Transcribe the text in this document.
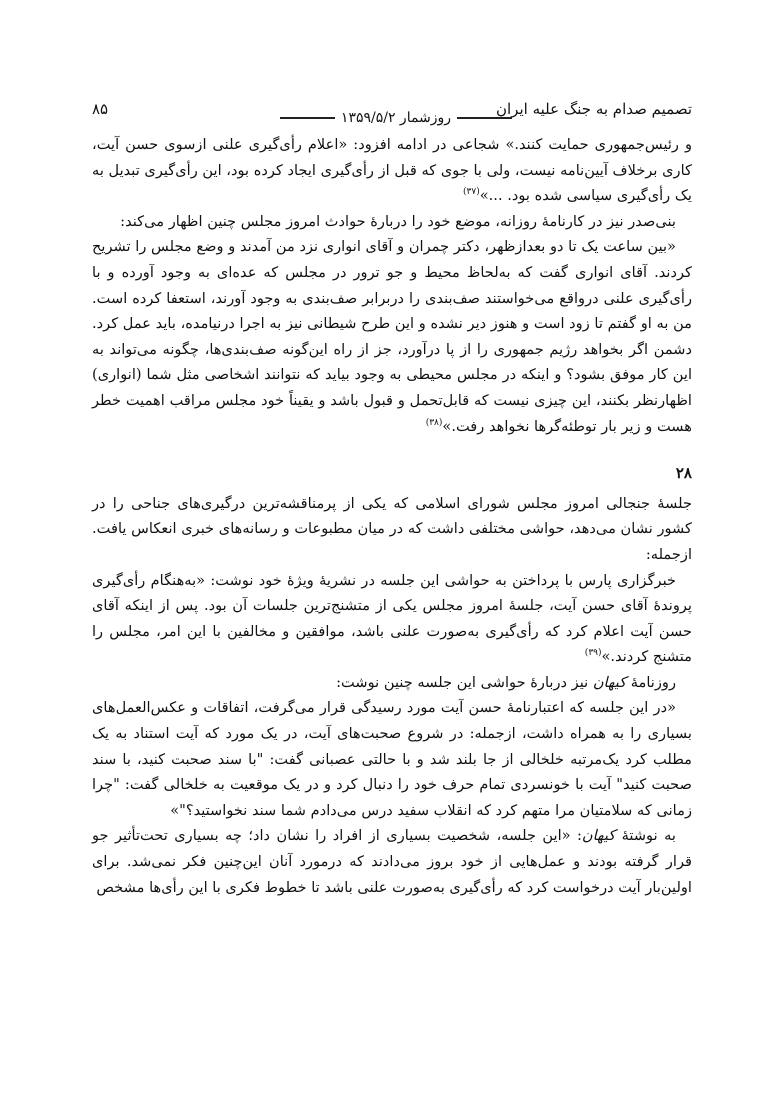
تصمیم صدام به جنگ علیه ایران
۸۵	روزشمار ۱۳۵۹/۵/۲

و رئیس‌جمهوری حمایت کنند.» شجاعی در ادامه افزود: «اعلام رأی‌گیری علنی ازسوی حسن آیت، کاری برخلاف آیین‌نامه نیست، ولی با جوی که قبل از رأی‌گیری ایجاد کرده بود، این رأی‌گیری تبدیل به یک رأی‌گیری سیاسی شده بود. ...»$^{(۳۷)}$

بنی‌صدر نیز در کارنامهٔ روزانه، موضع خود را دربارهٔ حوادث امروز مجلس چنین اظهار می‌کند:

«بین ساعت یک تا دو بعدازظهر، دکتر چمران و آقای انواری نزد من آمدند و وضع مجلس را تشریح کردند. آقای انواری گفت که به‌لحاظ محیط و جو ترور در مجلس که عده‌ای به وجود آورده و با رأی‌گیری علنی درواقع می‌خواستند صف‌بندی را دربرابر صف‌بندی به وجود آورند، استعفا کرده است. من به او گفتم تا زود است و هنوز دیر نشده و این طرح شیطانی نیز به اجرا درنیامده، باید عمل کرد. دشمن اگر بخواهد رژیم جمهوری را از پا درآورد، جز از راه این‌گونه صف‌بندی‌ها، چگونه می‌تواند به این کار موفق بشود؟ و اینکه در مجلس محیطی به وجود بیاید که نتوانند اشخاصی مثل شما (انواری) اظهارنظر بکنند، این چیزی نیست که قابل‌تحمل و قبول باشد و یقیناً خود مجلس مراقب اهمیت خطر هست و زیر بار توطئه‌گرها نخواهد رفت.»$^{(۳۸)}$

۲۸

جلسهٔ جنجالی امروز مجلس شورای اسلامی که یکی از پرمناقشه‌ترین درگیری‌های جناحی را در کشور نشان می‌دهد، حواشی مختلفی داشت که در میان مطبوعات و رسانه‌های خبری انعکاس یافت. ازجمله:

خبرگزاری پارس با پرداختن به حواشی این جلسه در نشریهٔ ویژهٔ خود نوشت: «به‌هنگام رأی‌گیری پروندهٔ آقای حسن آیت، جلسهٔ امروز مجلس یکی از متشنج‌ترین جلسات آن بود. پس از اینکه آقای حسن آیت اعلام کرد که رأی‌گیری به‌صورت علنی باشد، موافقین و مخالفین با این امر، مجلس را متشنج کردند.»$^{(۳۹)}$

روزنامهٔ کیهان نیز دربارهٔ حواشی این جلسه چنین نوشت:

«در این جلسه که اعتبارنامهٔ حسن آیت مورد رسیدگی قرار می‌گرفت، اتفاقات و عکس‌العمل‌های بسیاری را به همراه داشت، ازجمله: در شروع صحبت‌های آیت، در یک مورد که آیت استناد به یک مطلب کرد یک‌مرتبه خلخالی از جا بلند شد و با حالتی عصبانی گفت: "با سند صحبت کنید، با سند صحبت کنید" آیت با خونسردی تمام حرف خود را دنبال کرد و در یک موقعیت به خلخالی گفت: "چرا زمانی که سلامتیان مرا متهم کرد که انقلاب سفید درس می‌دادم شما سند نخواستید؟"»

به نوشتهٔ کیهان: «این جلسه، شخصیت بسیاری از افراد را نشان داد؛ چه بسیاری تحت‌تأثیر جو قرار گرفته بودند و عمل‌هایی از خود بروز می‌دادند که درمورد آنان این‌چنین فکر نمی‌شد. برای اولین‌بار آیت درخواست کرد که رأی‌گیری به‌صورت علنی باشد تا خطوط فکری با این رأی‌ها مشخص
